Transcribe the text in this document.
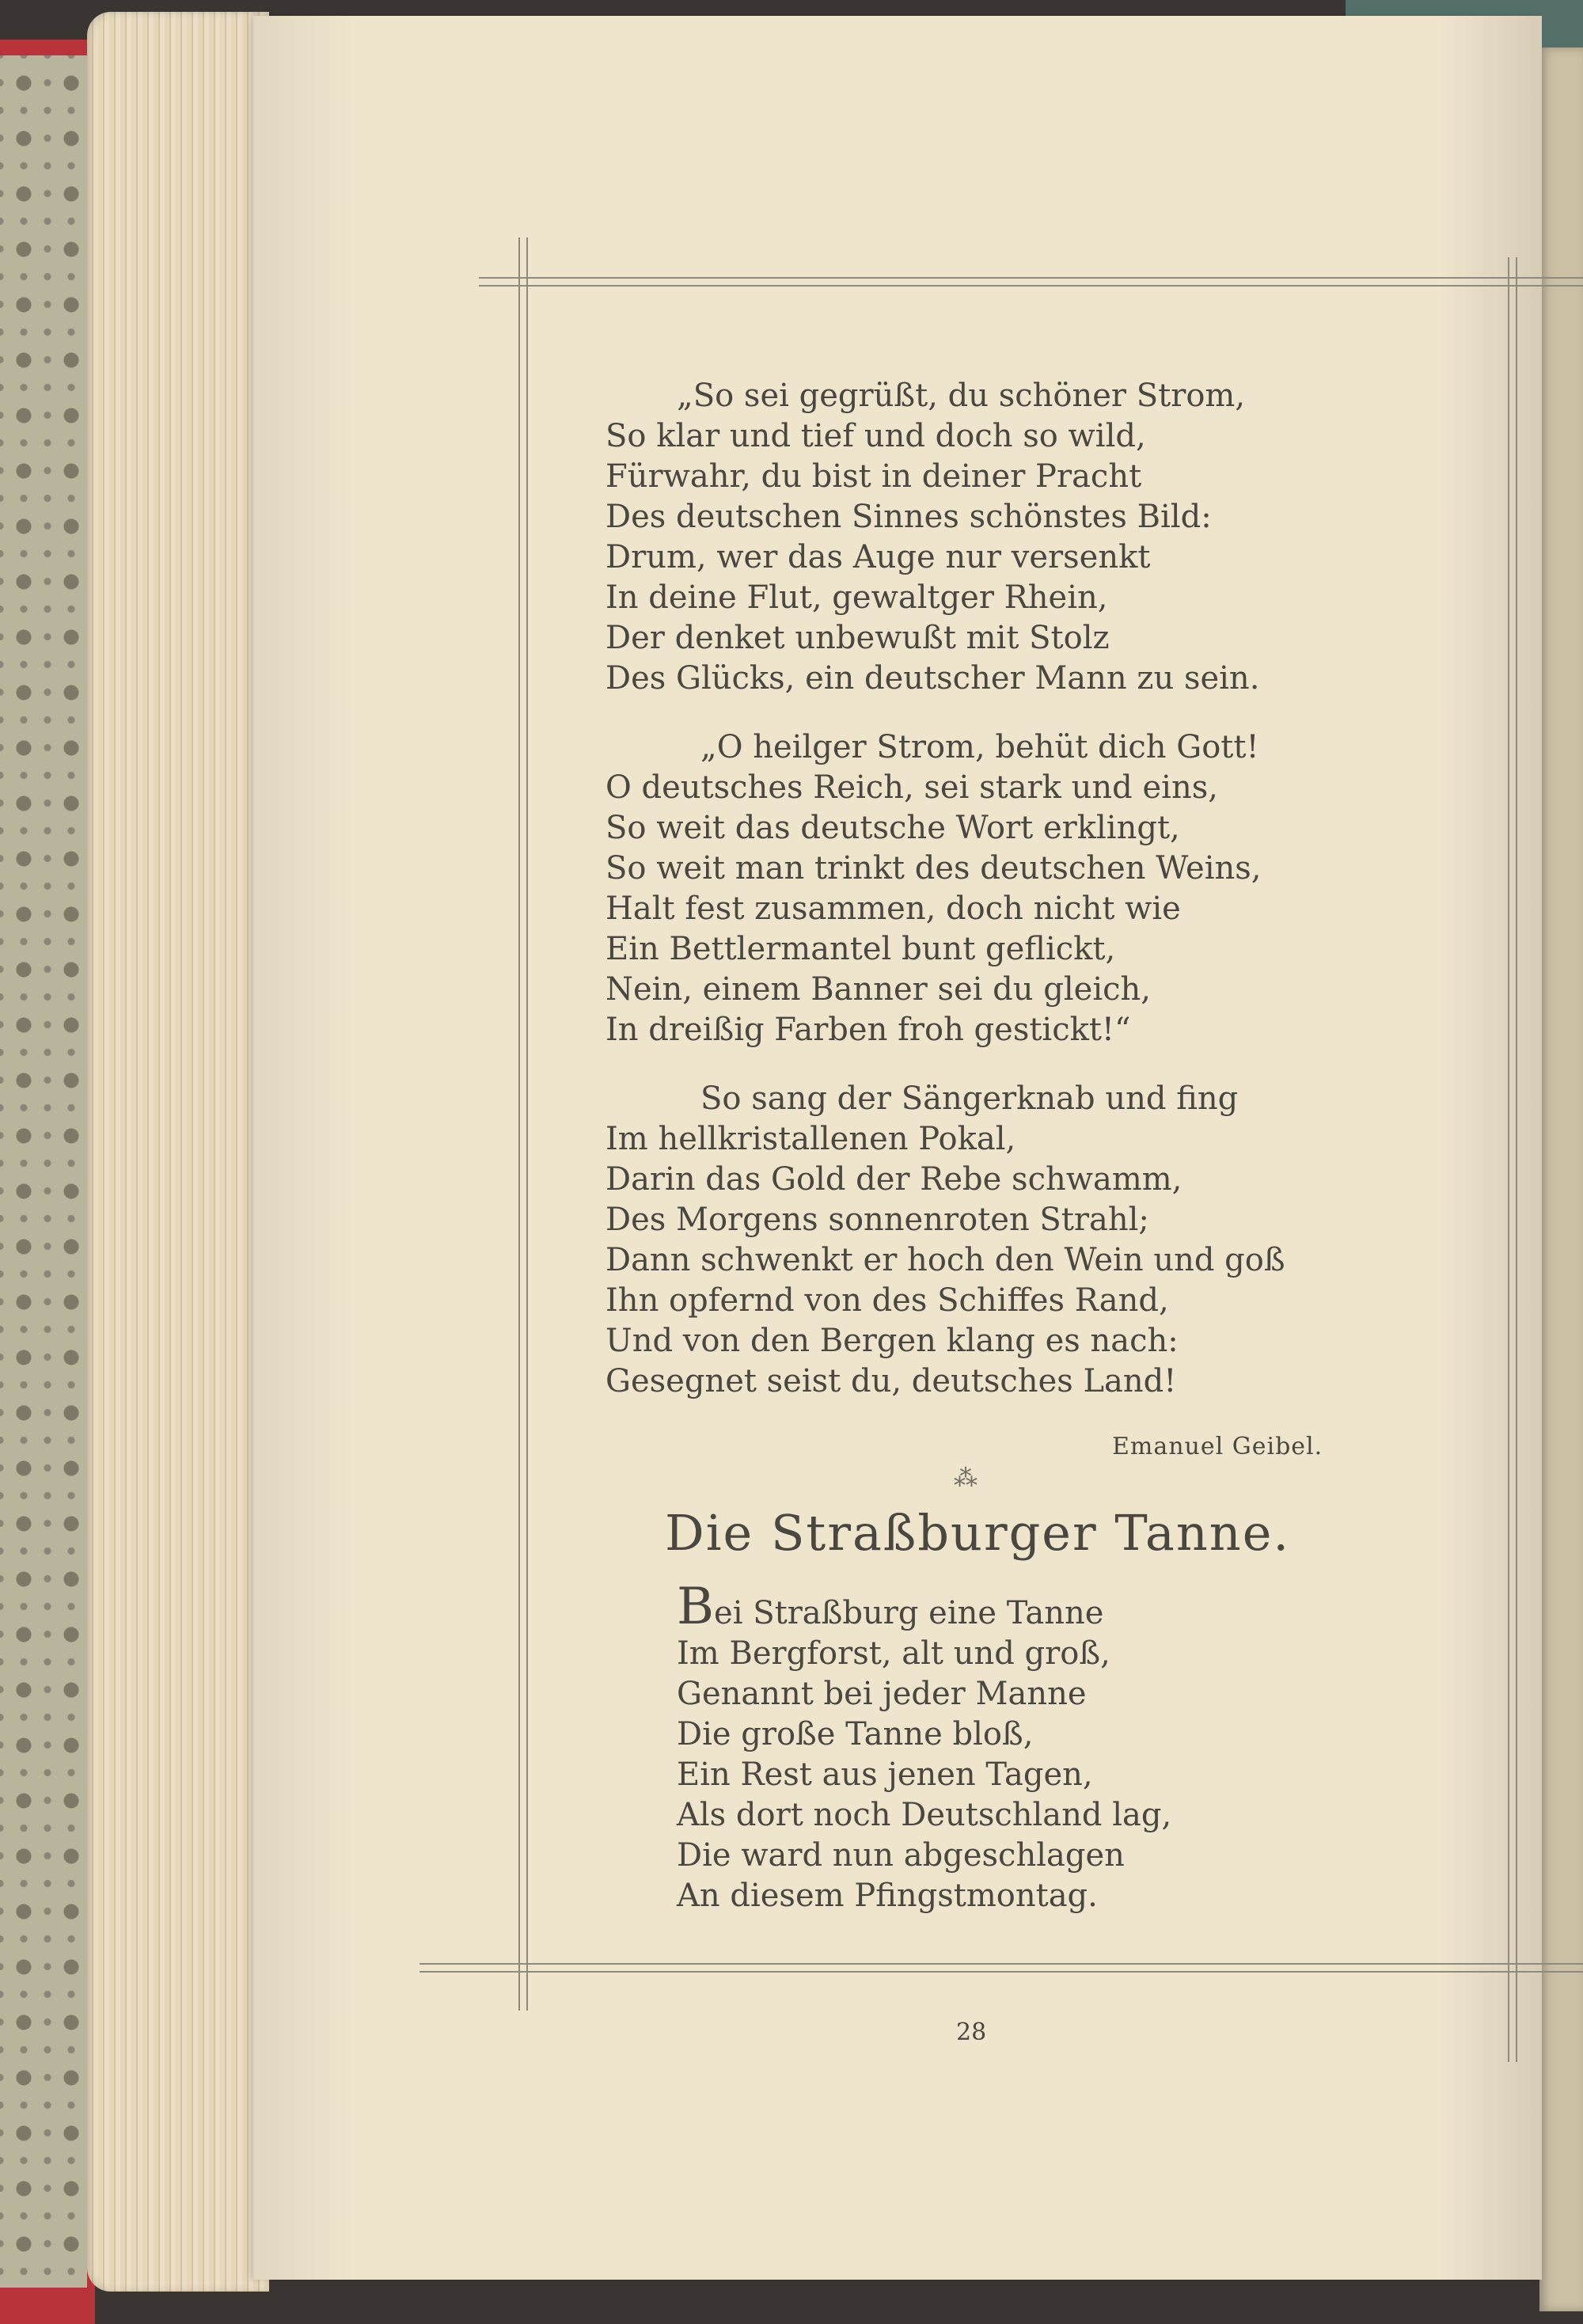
„So sei gegrüßt, du schöner Strom,
So klar und tief und doch so wild,
Fürwahr, du bist in deiner Pracht
Des deutschen Sinnes schönstes Bild:
Drum, wer das Auge nur versenkt
In deine Flut, gewaltger Rhein,
Der denket unbewußt mit Stolz
Des Glücks, ein deutscher Mann zu sein.
„O heilger Strom, behüt dich Gott!
O deutsches Reich, sei stark und eins,
So weit das deutsche Wort erklingt,
So weit man trinkt des deutschen Weins,
Halt fest zusammen, doch nicht wie
Ein Bettlermantel bunt geflickt,
Nein, einem Banner sei du gleich,
In dreißig Farben froh gestickt!“
So sang der Sängerknab und fing
Im hellkristallenen Pokal,
Darin das Gold der Rebe schwamm,
Des Morgens sonnenroten Strahl;
Dann schwenkt er hoch den Wein und goß
Ihn opfernd von des Schiffes Rand,
Und von den Bergen klang es nach:
Gesegnet seist du, deutsches Land!
Emanuel Geibel.
⁂
Die Straßburger Tanne.
Bei Straßburg eine Tanne
Im Bergforst, alt und groß,
Genannt bei jeder Manne
Die große Tanne bloß,
Ein Rest aus jenen Tagen,
Als dort noch Deutschland lag,
Die ward nun abgeschlagen
An diesem Pfingstmontag.
28
